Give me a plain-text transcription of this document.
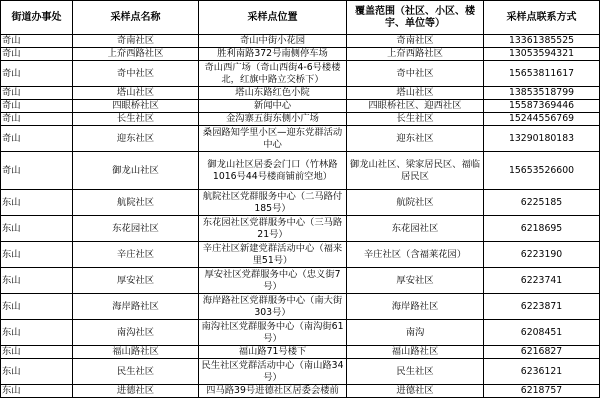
街道办事处	采样点名称	采样点位置	覆盖范围（社区、小区、楼宇、单位等）	采样点联系方式
奇山	奇南社区	奇山中街小花园	奇南社区	13361385525
奇山	上夼西路社区	胜利南路372号南侧停车场	上夼西路社区	13053594321
奇山	奇中社区	奇山西广场（奇山西街4-6号楼楼北，红旗中路立交桥下）	奇中社区	15653811617
奇山	塔山社区	塔山东路红色小院	塔山社区	13853518799
奇山	四眼桥社区	新闻中心	四眼桥社区、迎西社区	15587369446
奇山	长生社区	金沟寨五街东侧小广场	长生社区	15244556769
奇山	迎东社区	桑园路知学里小区—迎东党群活动中心	迎东社区	13290180183
奇山	御龙山社区	御龙山社区居委会门口（竹林路1016号44号楼商铺前空地）	御龙山社区、梁家居民区、福临居民区	15653526600
东山	航院社区	航院社区党群服务中心（二马路付185号）	航院社区	6225185
东山	东花园社区	东花园社区党群服务中心（三马路21号）	东花园社区	6218695
东山	辛庄社区	辛庄社区新建党群活动中心（福来里51号）	辛庄社区（含福莱花园）	6223190
东山	厚安社区	厚安社区党群服务中心（忠义街7号）	厚安社区	6223741
东山	海岸路社区	海岸路社区党群服务中心（南大街303号）	海岸路社区	6223871
东山	南沟社区	南沟社区党群服务中心（南沟街61号）	南沟	6208451
东山	福山路社区	福山路71号楼下	福山路社区	6216827
东山	民生社区	民生社区党群活动中心（南山路34号）	民生社区	6236121
东山	进德社区	四马路39号进德社区居委会楼前	进德社区	6218757
